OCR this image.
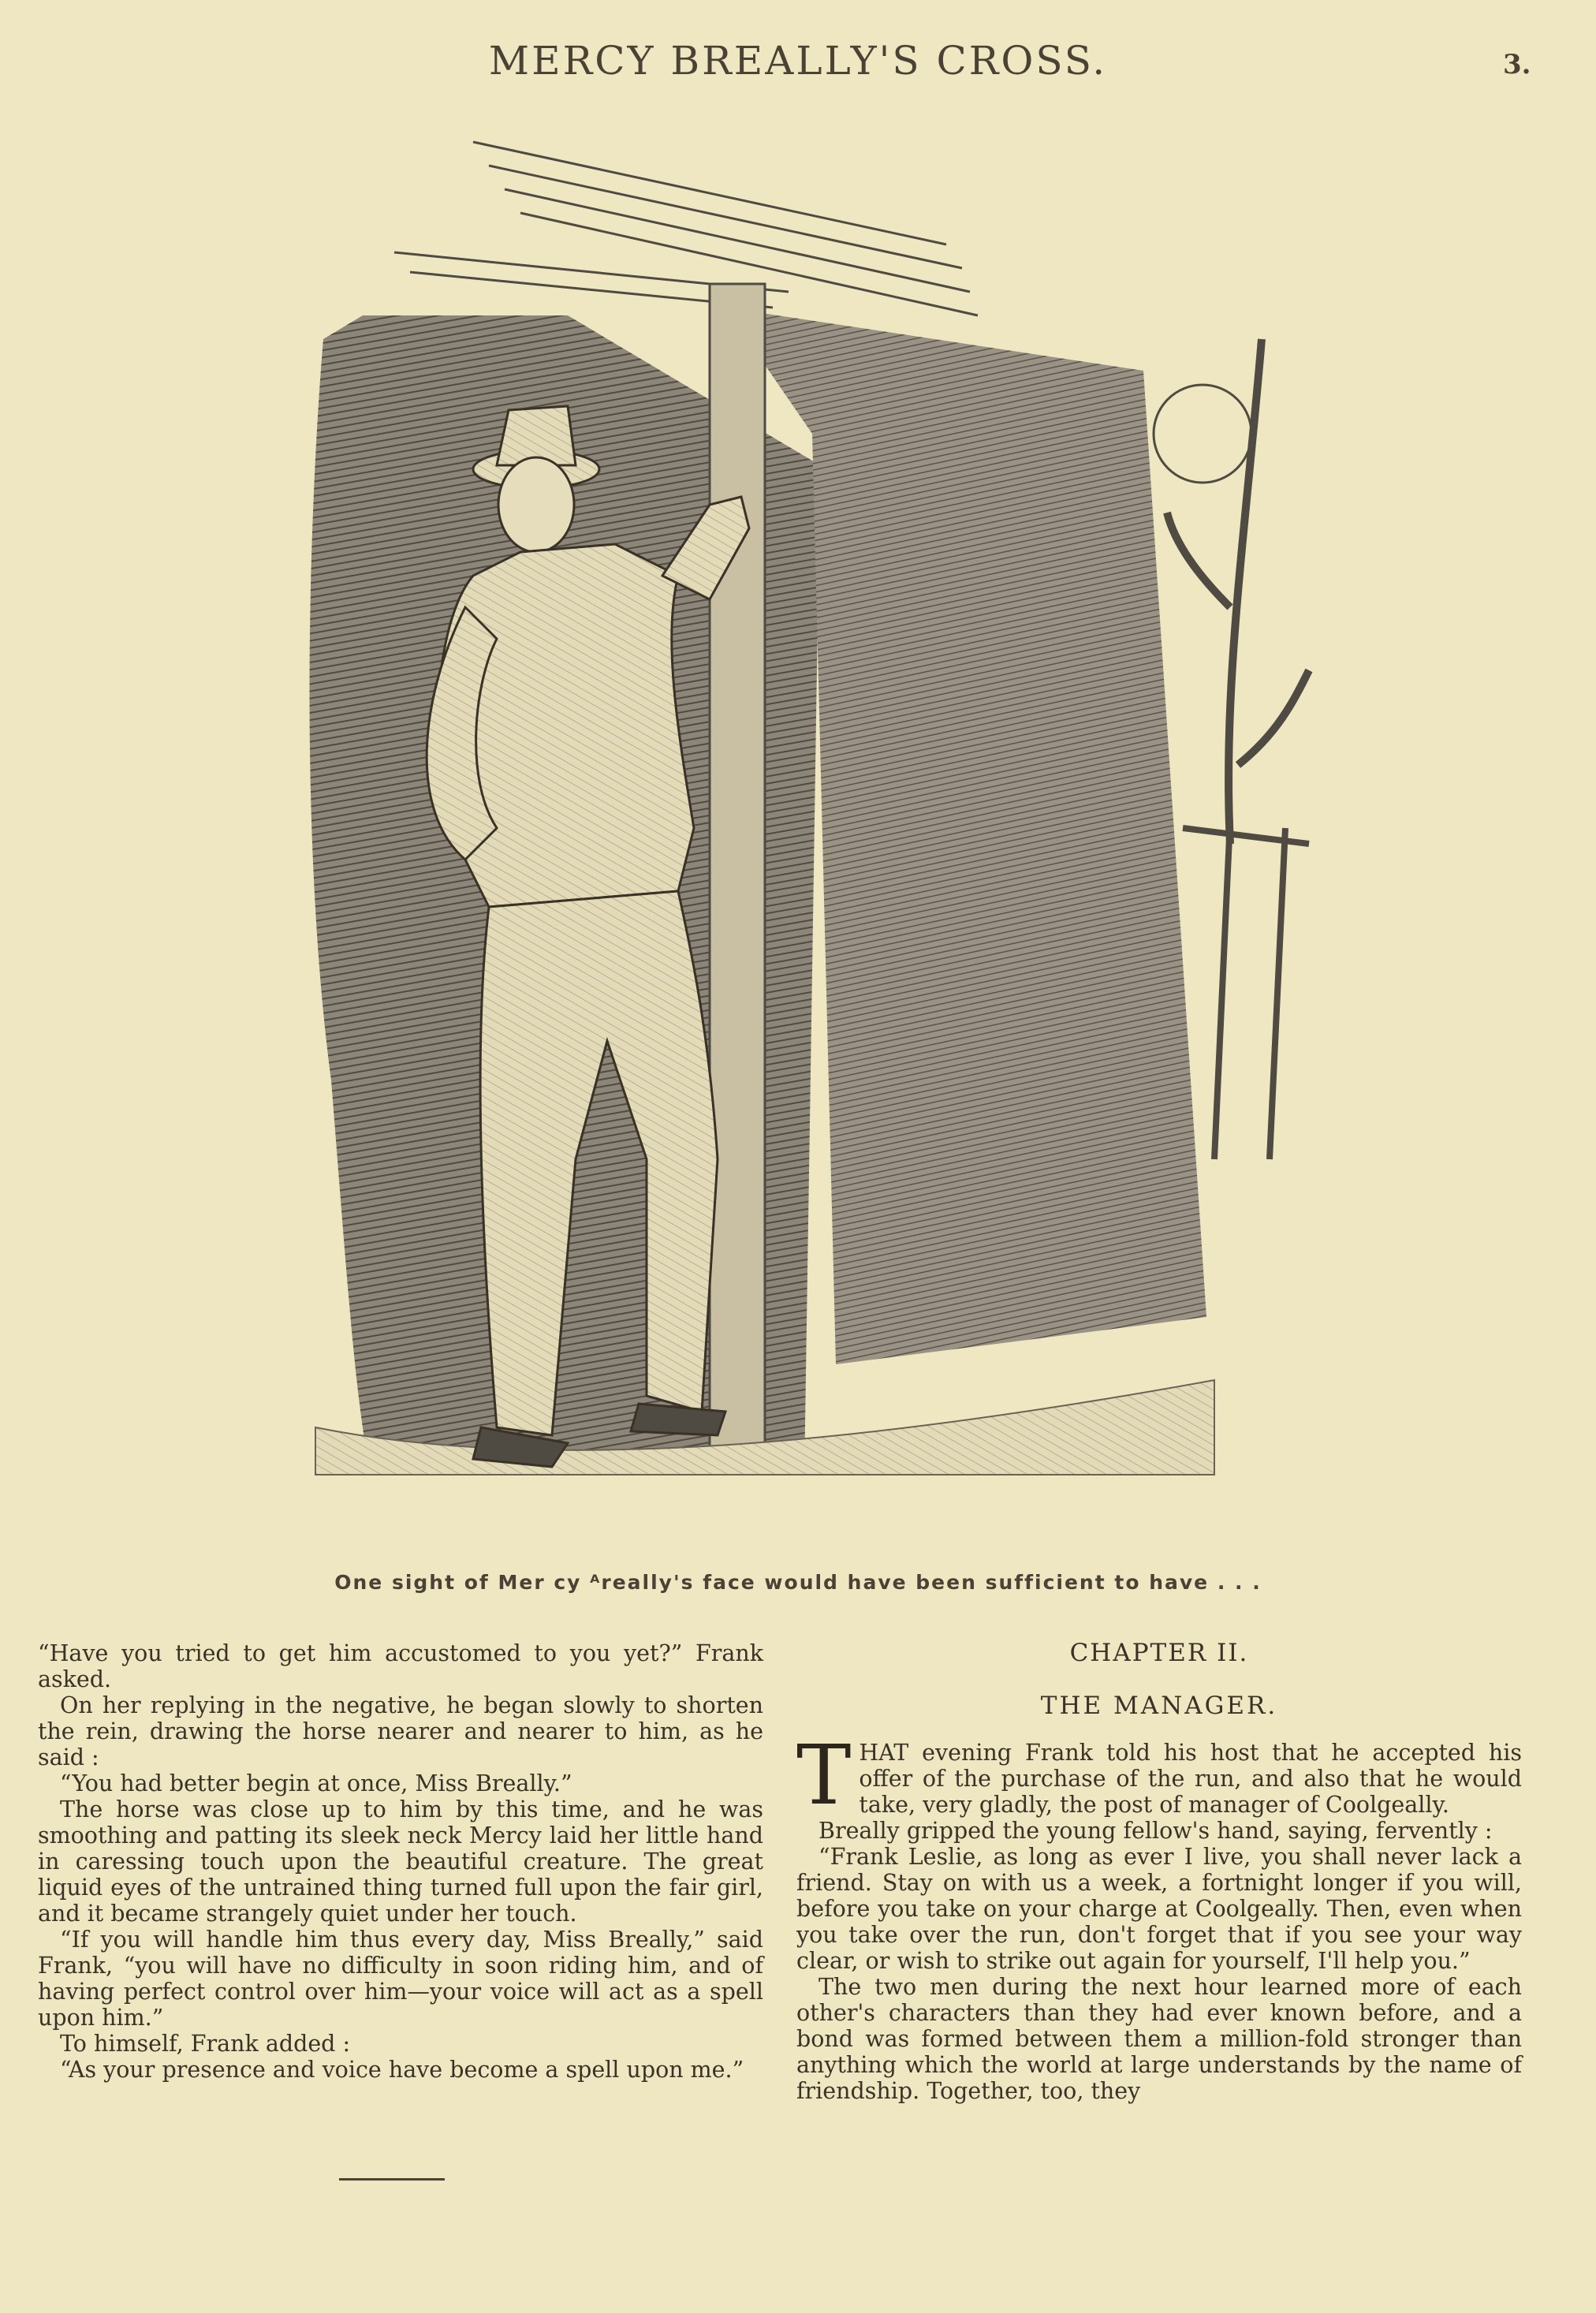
MERCY BREALLY'S CROSS.	3.
One sight of Mer cy ᴬreally's face would have been sufficient to have . . .

“Have you tried to get him accustomed to you yet?” Frank asked.

On her replying in the negative, he began slowly to shorten the rein, drawing the horse nearer and nearer to him, as he said :

“You had better begin at once, Miss Breally.”

The horse was close up to him by this time, and he was smoothing and patting its sleek neck Mercy laid her little hand in caressing touch upon the beautiful creature. The great liquid eyes of the untrained thing turned full upon the fair girl, and it became strangely quiet under her touch.

“If you will handle him thus every day, Miss Breally,” said Frank, “you will have no difficulty in soon riding him, and of having perfect control over him—your voice will act as a spell upon him.”

To himself, Frank added :

“As your presence and voice have become a spell upon me.”

CHAPTER II.

THE MANAGER.

THAT evening Frank told his host that he accepted his offer of the purchase of the run, and also that he would take, very gladly, the post of manager of Coolgeally.

Breally gripped the young fellow's hand, saying, fervently :

“Frank Leslie, as long as ever I live, you shall never lack a friend. Stay on with us a week, a fortnight longer if you will, before you take on your charge at Coolgeally. Then, even when you take over the run, don't forget that if you see your way clear, or wish to strike out again for yourself, I'll help you.”

The two men during the next hour learned more of each other's characters than they had ever known before, and a bond was formed between them a million-fold stronger than anything which the world at large understands by the name of friendship. Together, too, they
